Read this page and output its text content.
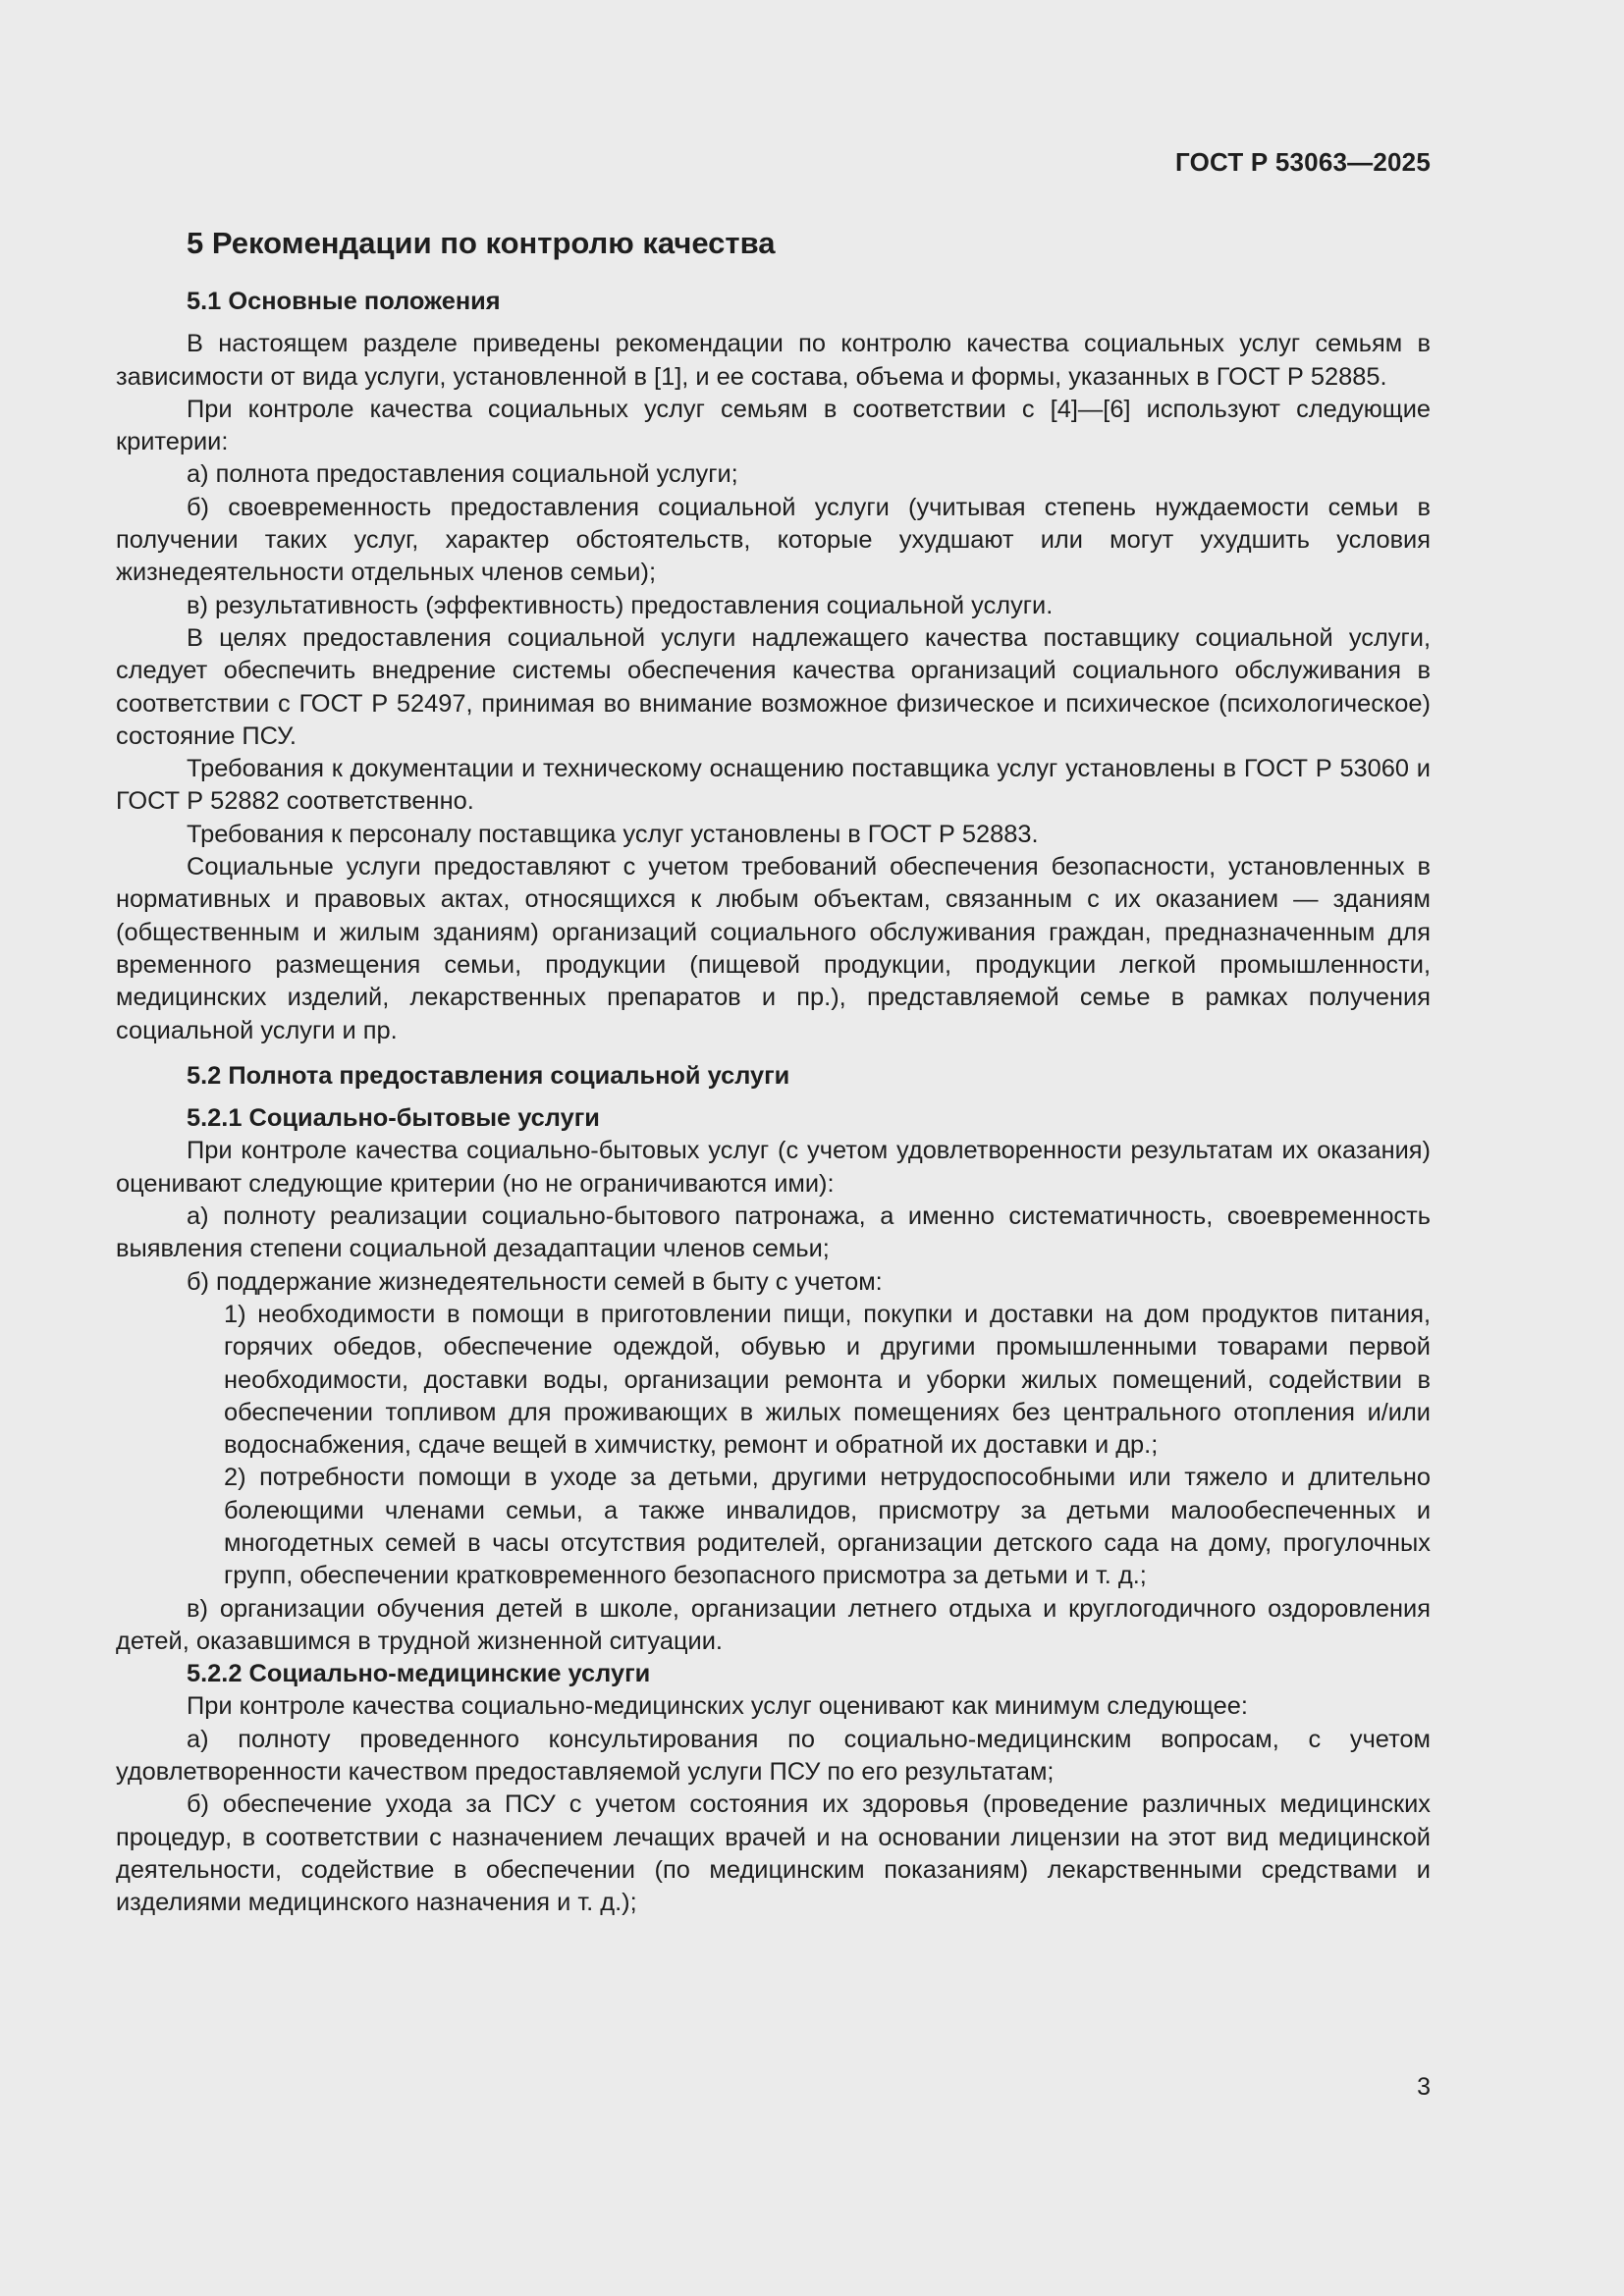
ГОСТ Р 53063—2025

5 Рекомендации по контролю качества

5.1 Основные положения

В настоящем разделе приведены рекомендации по контролю качества социальных услуг семьям в зависимости от вида услуги, установленной в [1], и ее состава, объема и формы, указанных в ГОСТ Р 52885.

При контроле качества социальных услуг семьям в соответствии с [4]—[6] используют следующие критерии:

а) полнота предоставления социальной услуги;

б) своевременность предоставления социальной услуги (учитывая степень нуждаемости семьи в получении таких услуг, характер обстоятельств, которые ухудшают или могут ухудшить условия жизнедеятельности отдельных членов семьи);

в) результативность (эффективность) предоставления социальной услуги.

В целях предоставления социальной услуги надлежащего качества поставщику социальной услуги, следует обеспечить внедрение системы обеспечения качества организаций социального обслуживания в соответствии с ГОСТ Р 52497, принимая во внимание возможное физическое и психическое (психологическое) состояние ПСУ.

Требования к документации и техническому оснащению поставщика услуг установлены в ГОСТ Р 53060 и ГОСТ Р 52882 соответственно.

Требования к персоналу поставщика услуг установлены в ГОСТ Р 52883.

Социальные услуги предоставляют с учетом требований обеспечения безопасности, установленных в нормативных и правовых актах, относящихся к любым объектам, связанным с их оказанием — зданиям (общественным и жилым зданиям) организаций социального обслуживания граждан, предназначенным для временного размещения семьи, продукции (пищевой продукции, продукции легкой промышленности, медицинских изделий, лекарственных препаратов и пр.), представляемой семье в рамках получения социальной услуги и пр.

5.2 Полнота предоставления социальной услуги

5.2.1 Социально-бытовые услуги

При контроле качества социально-бытовых услуг (с учетом удовлетворенности результатам их оказания) оценивают следующие критерии (но не ограничиваются ими):

а) полноту реализации социально-бытового патронажа, а именно систематичность, своевременность выявления степени социальной дезадаптации членов семьи;

б) поддержание жизнедеятельности семей в быту с учетом:

1) необходимости в помощи в приготовлении пищи, покупки и доставки на дом продуктов питания, горячих обедов, обеспечение одеждой, обувью и другими промышленными товарами первой необходимости, доставки воды, организации ремонта и уборки жилых помещений, содействии в обеспечении топливом для проживающих в жилых помещениях без центрального отопления и/или водоснабжения, сдаче вещей в химчистку, ремонт и обратной их доставки и др.;

2) потребности помощи в уходе за детьми, другими нетрудоспособными или тяжело и длительно болеющими членами семьи, а также инвалидов, присмотру за детьми малообеспеченных и многодетных семей в часы отсутствия родителей, организации детского сада на дому, прогулочных групп, обеспечении кратковременного безопасного присмотра за детьми и т. д.;

в) организации обучения детей в школе, организации летнего отдыха и круглогодичного оздоровления детей, оказавшимся в трудной жизненной ситуации.

5.2.2 Социально-медицинские услуги

При контроле качества социально-медицинских услуг оценивают как минимум следующее:

а) полноту проведенного консультирования по социально-медицинским вопросам, с учетом удовлетворенности качеством предоставляемой услуги ПСУ по его результатам;

б) обеспечение ухода за ПСУ с учетом состояния их здоровья (проведение различных медицинских процедур, в соответствии с назначением лечащих врачей и на основании лицензии на этот вид медицинской деятельности, содействие в обеспечении (по медицинским показаниям) лекарственными средствами и изделиями медицинского назначения и т. д.);

3
